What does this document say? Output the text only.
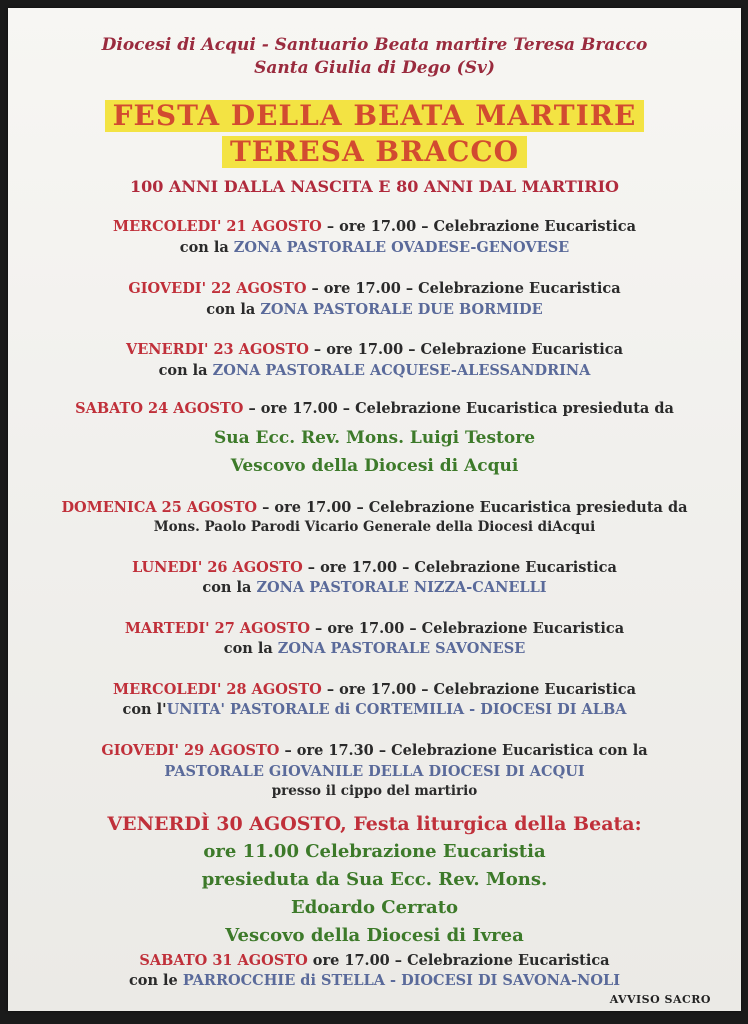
Diocesi di Acqui - Santuario Beata martire Teresa Bracco
Santa Giulia di Dego (Sv)
FESTA DELLA BEATA MARTIRE
TERESA BRACCO
100 ANNI DALLA NASCITA E 80 ANNI DAL MARTIRIO
MERCOLEDI' 21 AGOSTO – ore 17.00 – Celebrazione Eucaristica
con la ZONA PASTORALE OVADESE-GENOVESE
GIOVEDI' 22 AGOSTO – ore 17.00 – Celebrazione Eucaristica
con la ZONA PASTORALE DUE BORMIDE
VENERDI' 23 AGOSTO – ore 17.00 – Celebrazione Eucaristica
con la ZONA PASTORALE ACQUESE-ALESSANDRINA
SABATO 24 AGOSTO – ore 17.00 – Celebrazione Eucaristica presieduta da
Sua Ecc. Rev. Mons. Luigi Testore
Vescovo della Diocesi di Acqui
DOMENICA 25 AGOSTO – ore 17.00 – Celebrazione Eucaristica presieduta da
Mons. Paolo Parodi Vicario Generale della Diocesi diAcqui
LUNEDI' 26 AGOSTO – ore 17.00 – Celebrazione Eucaristica
con la ZONA PASTORALE NIZZA-CANELLI
MARTEDI' 27 AGOSTO – ore 17.00 – Celebrazione Eucaristica
con la ZONA PASTORALE SAVONESE
MERCOLEDI' 28 AGOSTO – ore 17.00 – Celebrazione Eucaristica
con l'UNITA' PASTORALE di CORTEMILIA - DIOCESI DI ALBA
GIOVEDI' 29 AGOSTO – ore 17.30 – Celebrazione Eucaristica con la
PASTORALE GIOVANILE DELLA DIOCESI DI ACQUI
presso il cippo del martirio
VENERDÌ 30 AGOSTO, Festa liturgica della Beata:
ore 11.00 Celebrazione Eucaristia
presieduta da Sua Ecc. Rev. Mons.
Edoardo Cerrato
Vescovo della Diocesi di Ivrea
SABATO 31 AGOSTO ore 17.00 – Celebrazione Eucaristica
con le PARROCCHIE di STELLA - DIOCESI DI SAVONA-NOLI
AVVISO SACRO
